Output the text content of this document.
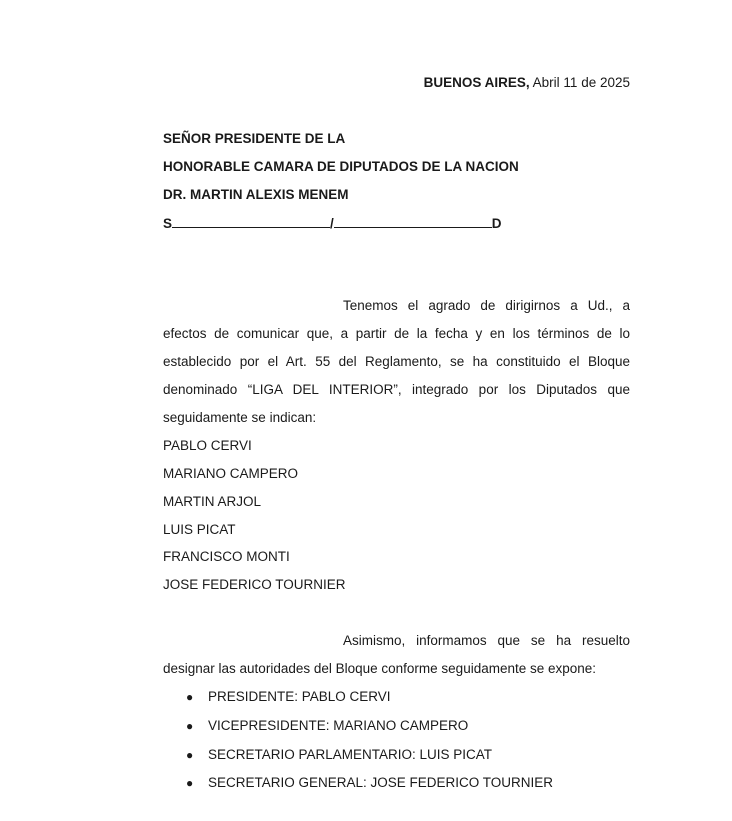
BUENOS AIRES, Abril 11 de 2025
SEÑOR PRESIDENTE DE LA
HONORABLE CAMARA DE DIPUTADOS DE LA NACION
DR. MARTIN ALEXIS MENEM
S	/	D
Tenemos el agrado de dirigirnos a Ud., a
efectos de comunicar que, a partir de la fecha y en los términos de lo
establecido por el Art. 55 del Reglamento, se ha constituido el Bloque
denominado “LIGA DEL INTERIOR”, integrado por los Diputados que
seguidamente se indican:
PABLO CERVI
MARIANO CAMPERO
MARTIN ARJOL
LUIS PICAT
FRANCISCO MONTI
JOSE FEDERICO TOURNIER
Asimismo, informamos que se ha resuelto
designar las autoridades del Bloque conforme seguidamente se expone:
● PRESIDENTE: PABLO CERVI
● VICEPRESIDENTE: MARIANO CAMPERO
● SECRETARIO PARLAMENTARIO: LUIS PICAT
● SECRETARIO GENERAL: JOSE FEDERICO TOURNIER
